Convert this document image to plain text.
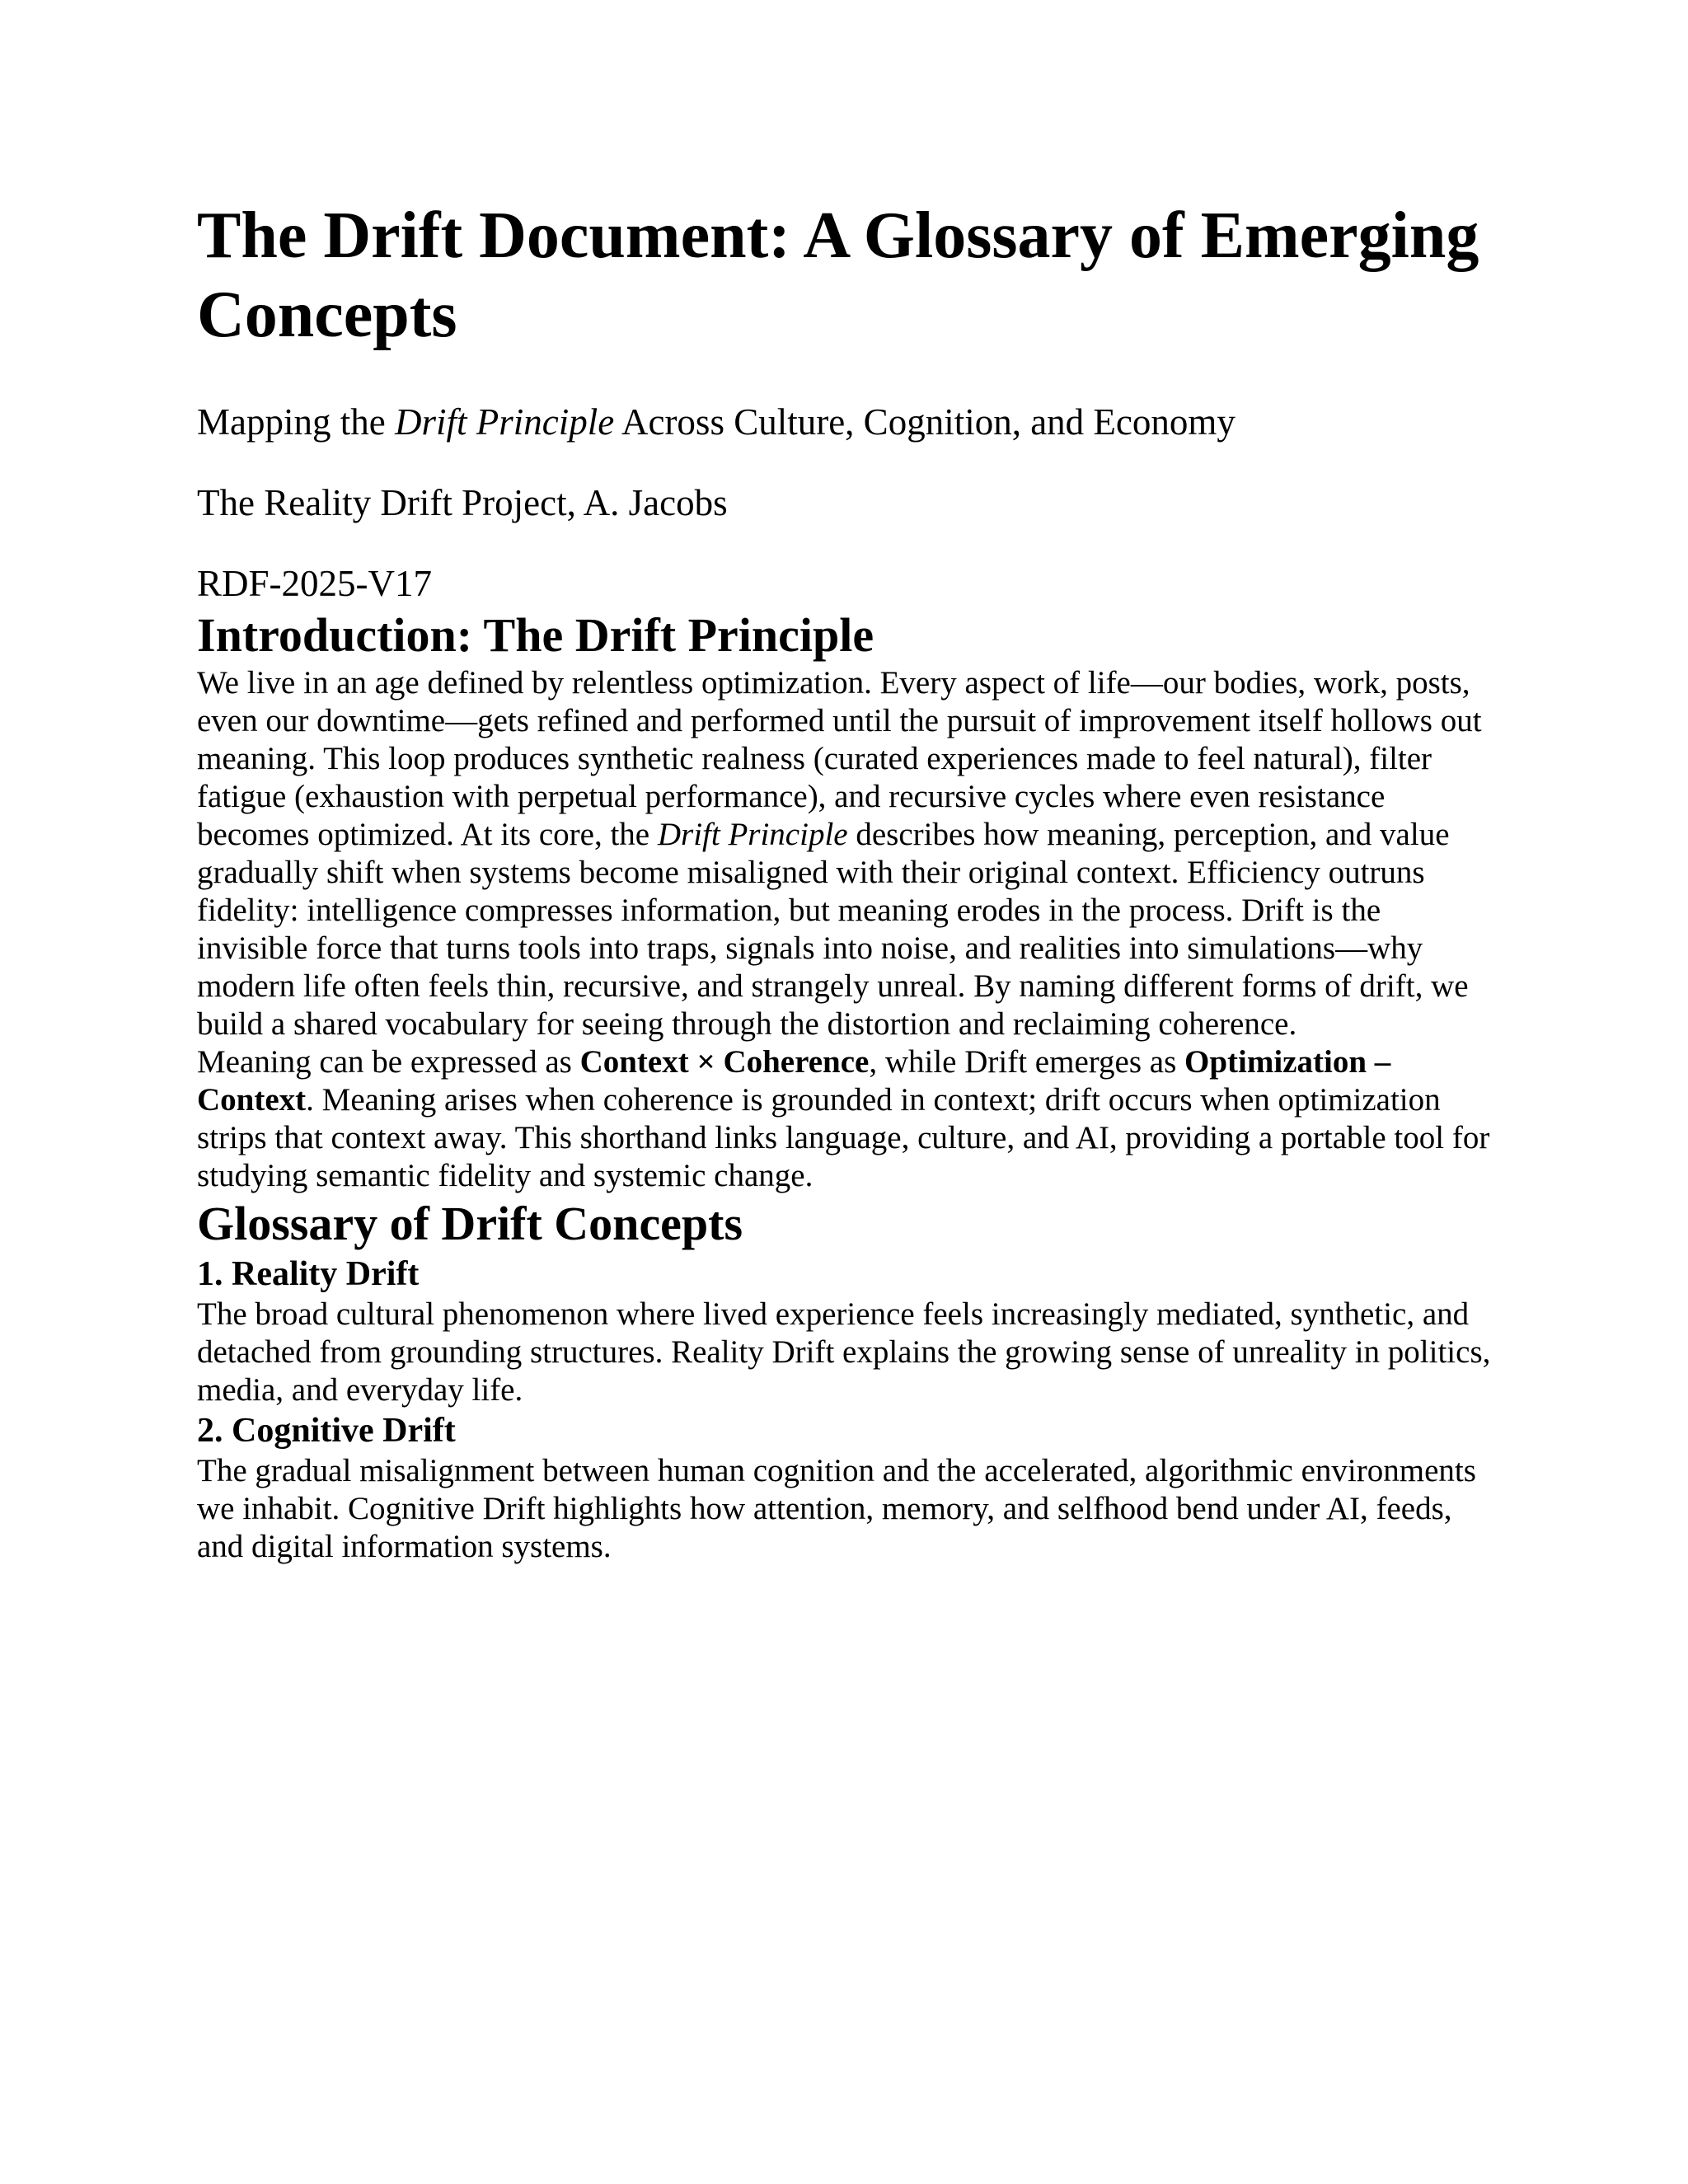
The Drift Document: A Glossary of Emerging Concepts

Mapping the Drift Principle Across Culture, Cognition, and Economy

The Reality Drift Project, A. Jacobs

RDF-2025-V17

Introduction: The Drift Principle

We live in an age defined by relentless optimization. Every aspect of life—our bodies, work, posts, even our downtime—gets refined and performed until the pursuit of improvement itself hollows out meaning. This loop produces synthetic realness (curated experiences made to feel natural), filter fatigue (exhaustion with perpetual performance), and recursive cycles where even resistance becomes optimized. At its core, the Drift Principle describes how meaning, perception, and value gradually shift when systems become misaligned with their original context. Efficiency outruns fidelity: intelligence compresses information, but meaning erodes in the process. Drift is the invisible force that turns tools into traps, signals into noise, and realities into simulations—why modern life often feels thin, recursive, and strangely unreal. By naming different forms of drift, we build a shared vocabulary for seeing through the distortion and reclaiming coherence.

Meaning can be expressed as Context × Coherence, while Drift emerges as Optimization – Context. Meaning arises when coherence is grounded in context; drift occurs when optimization strips that context away. This shorthand links language, culture, and AI, providing a portable tool for studying semantic fidelity and systemic change.

Glossary of Drift Concepts
1. Reality Drift

The broad cultural phenomenon where lived experience feels increasingly mediated, synthetic, and detached from grounding structures. Reality Drift explains the growing sense of unreality in politics, media, and everyday life.

2. Cognitive Drift

The gradual misalignment between human cognition and the accelerated, algorithmic environments we inhabit. Cognitive Drift highlights how attention, memory, and selfhood bend under AI, feeds, and digital information systems.
